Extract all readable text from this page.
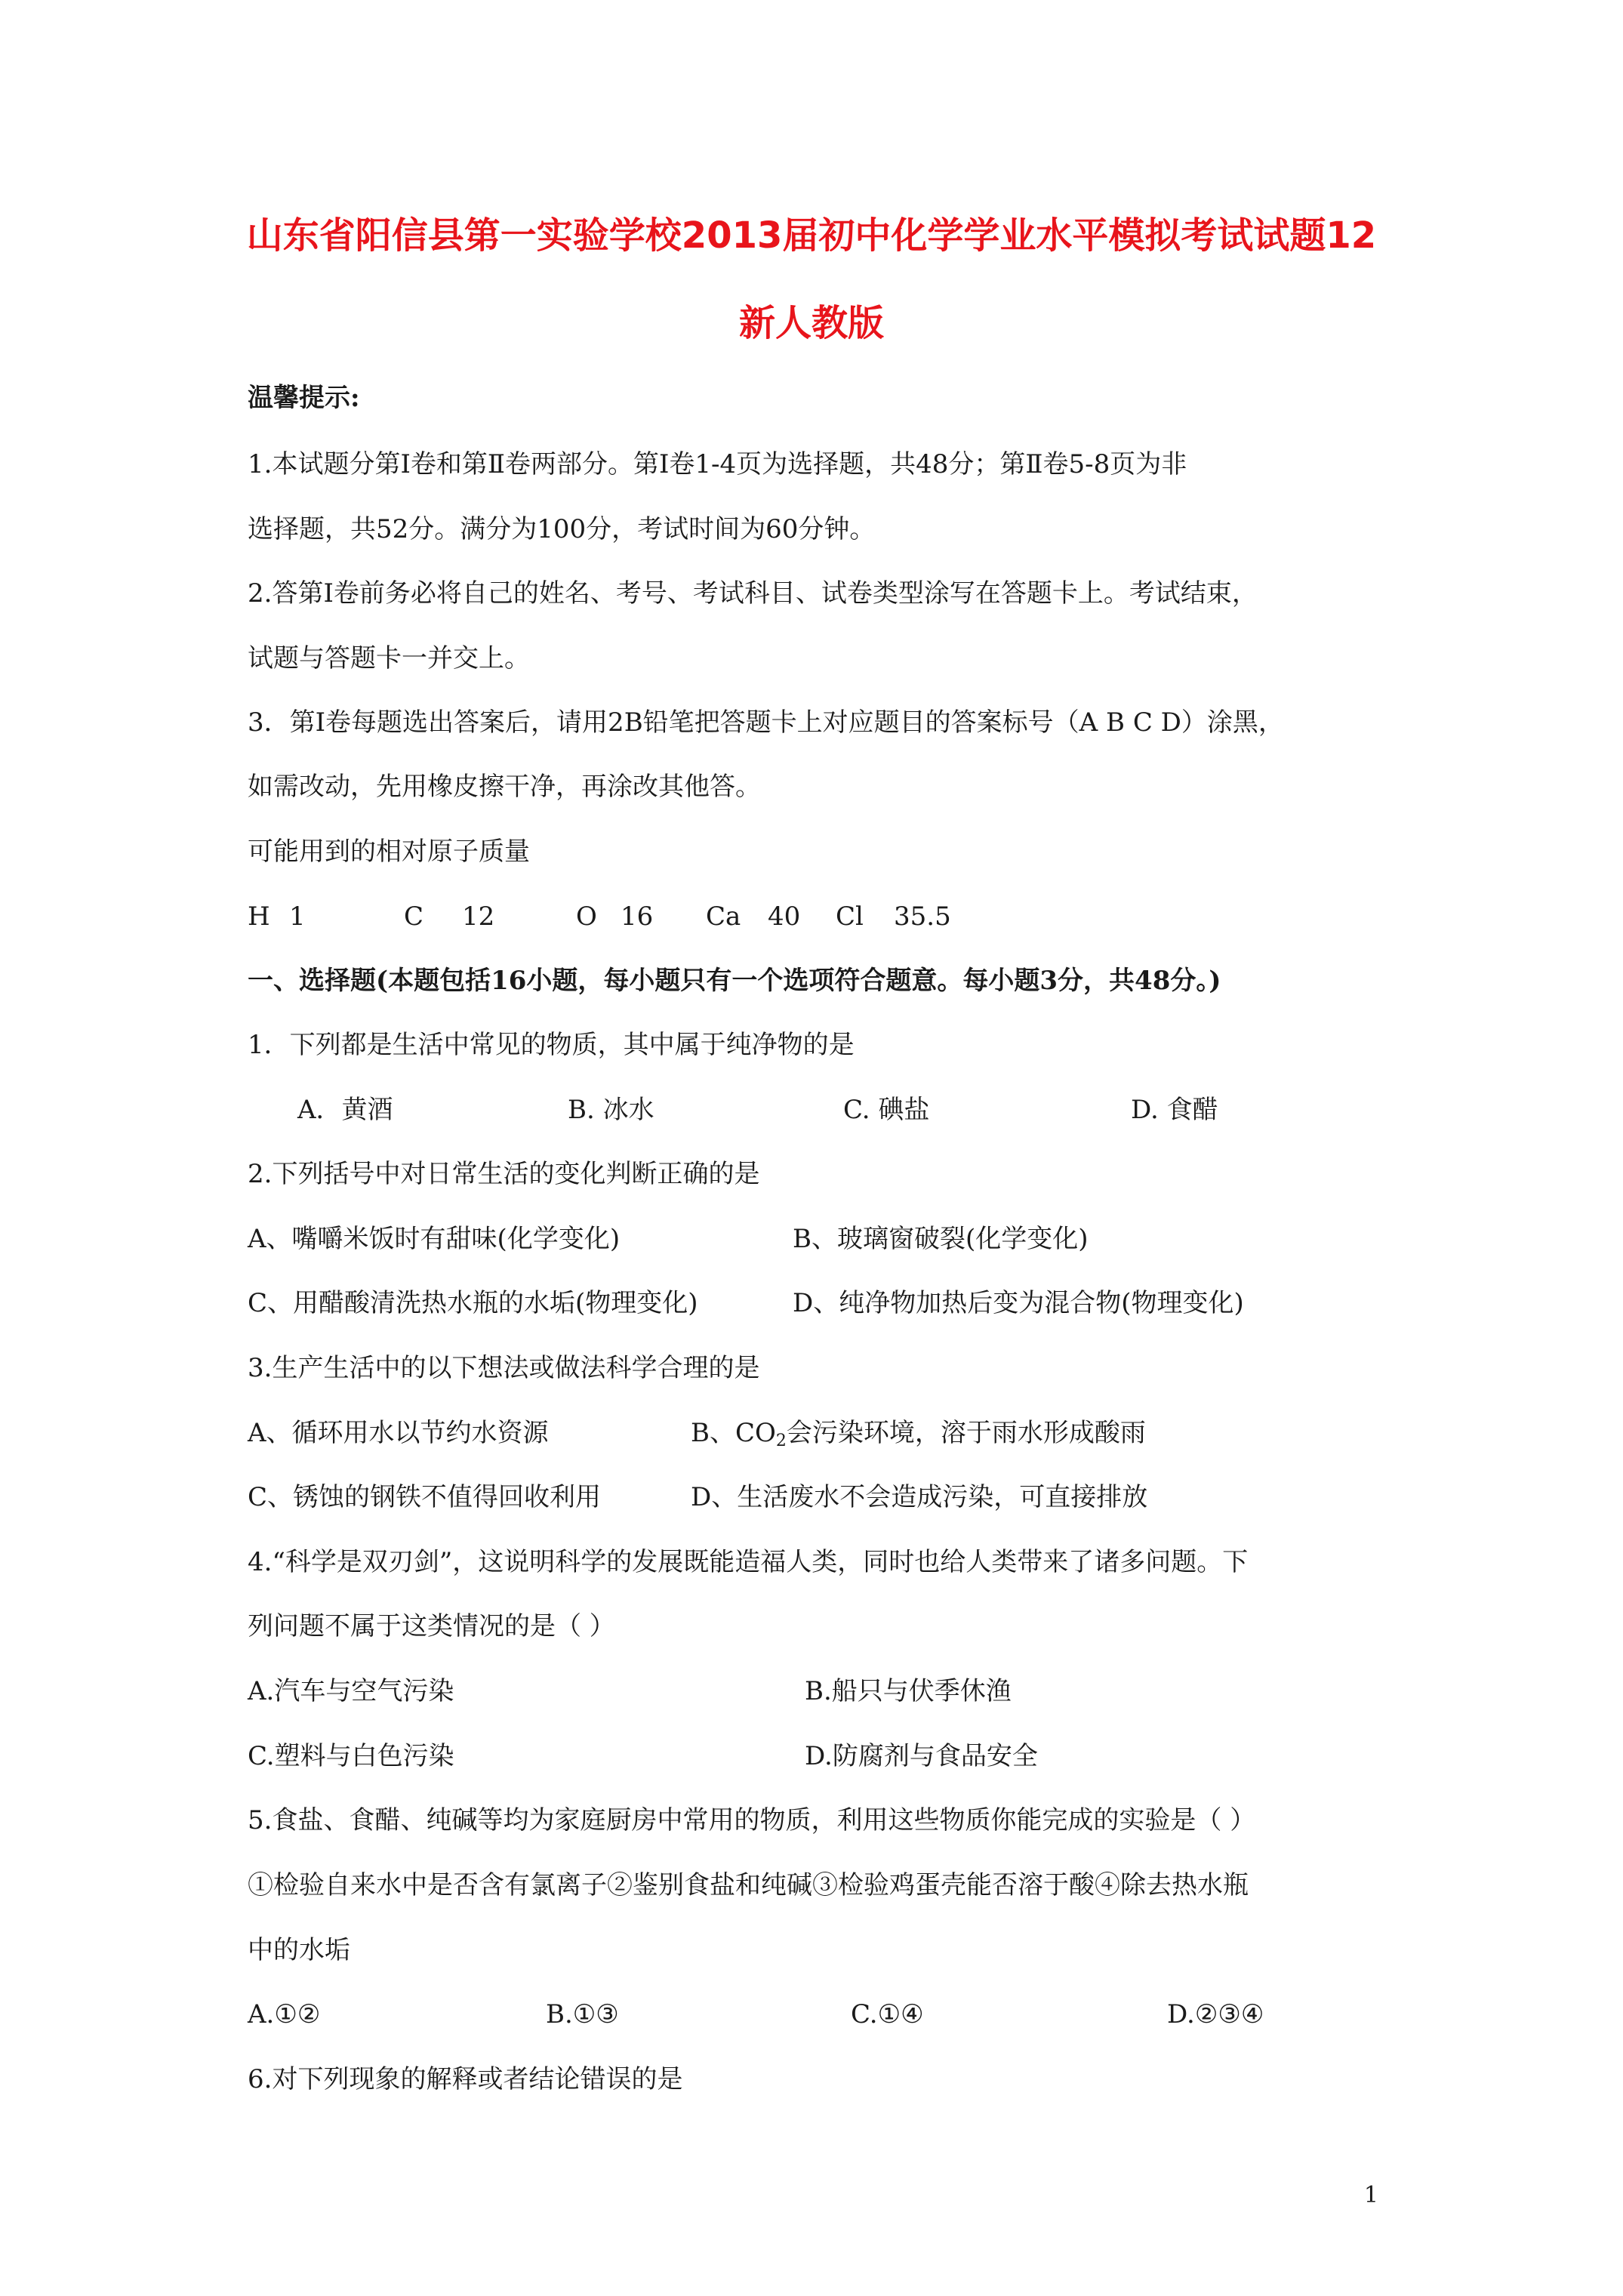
山东省阳信县第一实验学校2013届初中化学学业水平模拟考试试题12
新人教版
温馨提示:
1.本试题分第Ⅰ卷和第Ⅱ卷两部分。第Ⅰ卷1-4页为选择题，共48分；第Ⅱ卷5-8页为非
选择题，共52分。满分为100分，考试时间为60分钟。
2.答第Ⅰ卷前务必将自己的姓名、考号、考试科目、试卷类型涂写在答题卡上。考试结束，
试题与答题卡一并交上。
3．第Ⅰ卷每题选出答案后，请用2B铅笔把答题卡上对应题目的答案标号（A B C D）涂黑，
如需改动，先用橡皮擦干净，再涂改其他答。
可能用到的相对原子质量
H 1	C 12	O 16 Ca 40 Cl 35.5
一、选择题(本题包括16小题，每小题只有一个选项符合题意。每小题3分，共48分。)
1．下列都是生活中常见的物质，其中属于纯净物的是
A．黄酒	B. 冰水	C. 碘盐	D. 食醋
2.下列括号中对日常生活的变化判断正确的是
A、嘴嚼米饭时有甜味(化学变化)	B、玻璃窗破裂(化学变化)
C、用醋酸清洗热水瓶的水垢(物理变化)	D、纯净物加热后变为混合物(物理变化)
3.生产生活中的以下想法或做法科学合理的是
A、循环用水以节约水资源	B、$CO_2$会污染环境，溶于雨水形成酸雨
C、锈蚀的钢铁不值得回收利用	D、生活废水不会造成污染，可直接排放
4.“科学是双刃剑”，这说明科学的发展既能造福人类，同时也给人类带来了诸多问题。下
列问题不属于这类情况的是（ ）
A.汽车与空气污染	B.船只与伏季休渔
C.塑料与白色污染	D.防腐剂与食品安全
5.食盐、食醋、纯碱等均为家庭厨房中常用的物质，利用这些物质你能完成的实验是（ ）
①检验自来水中是否含有氯离子②鉴别食盐和纯碱③检验鸡蛋壳能否溶于酸④除去热水瓶
中的水垢
A.①②	B.①③	C.①④	D.②③④
6.对下列现象的解释或者结论错误的是
1
